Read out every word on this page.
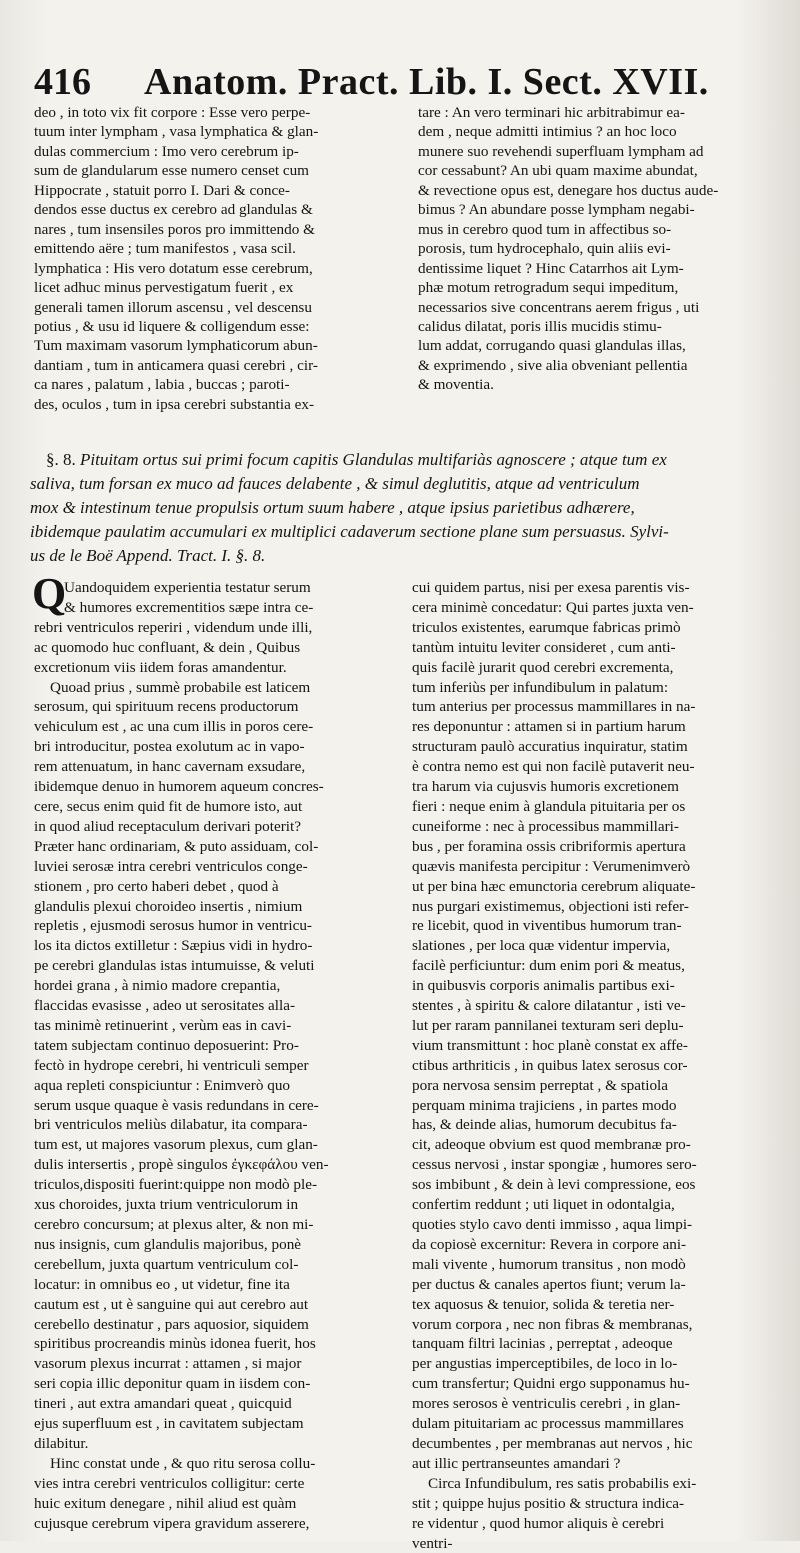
416 Anatom. Pract. Lib. I. Sect. XVII.

deo , in toto vix fit corpore : Esse vero perpe-

tuum inter lympham , vasa lymphatica & glan-

dulas commercium : Imo vero cerebrum ip-

sum de glandularum esse numero censet cum

Hippocrate , statuit porro I. Dari & conce-

dendos esse ductus ex cerebro ad glandulas &

nares , tum insensiles poros pro immittendo &

emittendo aëre ; tum manifestos , vasa scil.

lymphatica : His vero dotatum esse cerebrum,

licet adhuc minus pervestigatum fuerit , ex

generali tamen illorum ascensu , vel descensu

potius , & usu id liquere & colligendum esse:

Tum maximam vasorum lymphaticorum abun-

dantiam , tum in anticamera quasi cerebri , cir-

ca nares , palatum , labia , buccas ; paroti-

des, oculos , tum in ipsa cerebri substantia ex-

tare : An vero terminari hic arbitrabimur ea-

dem , neque admitti intimius ? an hoc loco

munere suo revehendi superfluam lympham ad

cor cessabunt? An ubi quam maxime abundat,

& revectione opus est, denegare hos ductus aude-

bimus ? An abundare posse lympham negabi-

mus in cerebro quod tum in affectibus so-

porosis, tum hydrocephalo, quin aliis evi-

dentissime liquet ? Hinc Catarrhos ait Lym-

phæ motum retrogradum sequi impeditum,

necessarios sive concentrans aerem frigus , uti

calidus dilatat, poris illis mucidis stimu-

lum addat, corrugando quasi glandulas illas,

& exprimendo , sive alia obveniant pellentia

& moventia.

§. 8. Pituitam ortus sui primi focum capitis Glandulas multifariàs agnoscere ; atque tum ex

saliva, tum forsan ex muco ad fauces delabente , & simul deglutitis, atque ad ventriculum

mox & intestinum tenue propulsis ortum suum habere , atque ipsius parietibus adhærere,

ibidemque paulatim accumulari ex multiplici cadaverum sectione plane sum persuasus. Sylvi-

us de le Boë Append. Tract. I. §. 8.

Q
Uandoquidem experientia testatur serum

& humores excrementitios sæpe intra ce-

rebri ventriculos reperiri , videndum unde illi,

ac quomodo huc confluant, & dein , Quibus

excretionum viis iidem foras amandentur.

Quoad prius , summè probabile est laticem

serosum, qui spirituum recens productorum

vehiculum est , ac una cum illis in poros cere-

bri introducitur, postea exolutum ac in vapo-

rem attenuatum, in hanc cavernam exsudare,

ibidemque denuo in humorem aqueum concres-

cere, secus enim quid fit de humore isto, aut

in quod aliud receptaculum derivari poterit?

Præter hanc ordinariam, & puto assiduam, col-

luviei serosæ intra cerebri ventriculos conge-

stionem , pro certo haberi debet , quod à

glandulis plexui choroideo insertis , nimium

repletis , ejusmodi serosus humor in ventricu-

los ita dictos extilletur : Sæpius vidi in hydro-

pe cerebri glandulas istas intumuisse, & veluti

hordei grana , à nimio madore crepantia,

flaccidas evasisse , adeo ut serositates alla-

tas minimè retinuerint , verùm eas in cavi-

tatem subjectam continuo deposuerint: Pro-

fectò in hydrope cerebri, hi ventriculi semper

aqua repleti conspiciuntur : Enimverò quo

serum usque quaque è vasis redundans in cere-

bri ventriculos meliùs dilabatur, ita compara-

tum est, ut majores vasorum plexus, cum glan-

dulis intersertis , propè singulos ἐγκεφάλου ven-

triculos,dispositi fuerint:quippe non modò ple-

xus choroides, juxta trium ventriculorum in

cerebro concursum; at plexus alter, & non mi-

nus insignis, cum glandulis majoribus, ponè

cerebellum, juxta quartum ventriculum col-

locatur: in omnibus eo , ut videtur, fine ita

cautum est , ut è sanguine qui aut cerebro aut

cerebello destinatur , pars aquosior, siquidem

spiritibus procreandis minùs idonea fuerit, hos

vasorum plexus incurrat : attamen , si major

seri copia illic deponitur quam in iisdem con-

tineri , aut extra amandari queat , quicquid

ejus superfluum est , in cavitatem subjectam

dilabitur.

Hinc constat unde , & quo ritu serosa collu-

vies intra cerebri ventriculos colligitur: certe

huic exitum denegare , nihil aliud est quàm

cujusque cerebrum vipera gravidum asserere,

cui quidem partus, nisi per exesa parentis vis-

cera minimè concedatur: Qui partes juxta ven-

triculos existentes, earumque fabricas primò

tantùm intuitu leviter consideret , cum anti-

quis facilè jurarit quod cerebri excrementa,

tum inferiùs per infundibulum in palatum:

tum anterius per processus mammillares in na-

res deponuntur : attamen si in partium harum

structuram paulò accuratius inquiratur, statim

è contra nemo est qui non facilè putaverit neu-

tra harum via cujusvis humoris excretionem

fieri : neque enim à glandula pituitaria per os

cuneiforme : nec à processibus mammillari-

bus , per foramina ossis cribriformis apertura

quævis manifesta percipitur : Verumenimverò

ut per bina hæc emunctoria cerebrum aliquate-

nus purgari existimemus, objectioni isti refer-

re licebit, quod in viventibus humorum tran-

slationes , per loca quæ videntur impervia,

facilè perficiuntur: dum enim pori & meatus,

in quibusvis corporis animalis partibus exi-

stentes , à spiritu & calore dilatantur , isti ve-

lut per raram pannilanei texturam seri deplu-

vium transmittunt : hoc planè constat ex affe-

ctibus arthriticis , in quibus latex serosus cor-

pora nervosa sensim perreptat , & spatiola

perquam minima trajiciens , in partes modo

has, & deinde alias, humorum decubitus fa-

cit, adeoque obvium est quod membranæ pro-

cessus nervosi , instar spongiæ , humores sero-

sos imbibunt , & dein à levi compressione, eos

confertim reddunt ; uti liquet in odontalgia,

quoties stylo cavo denti immisso , aqua limpi-

da copiosè excernitur: Revera in corpore ani-

mali vivente , humorum transitus , non modò

per ductus & canales apertos fiunt; verum la-

tex aquosus & tenuior, solida & teretia ner-

vorum corpora , nec non fibras & membranas,

tanquam filtri lacinias , perreptat , adeoque

per angustias imperceptibiles, de loco in lo-

cum transfertur; Quidni ergo supponamus hu-

mores serosos è ventriculis cerebri , in glan-

dulam pituitariam ac processus mammillares

decumbentes , per membranas aut nervos , hic

aut illic pertranseuntes amandari ?

Circa Infundibulum, res satis probabilis exi-

stit ; quippe hujus positio & structura indica-

re videntur , quod humor aliquis è cerebri

ventri-
